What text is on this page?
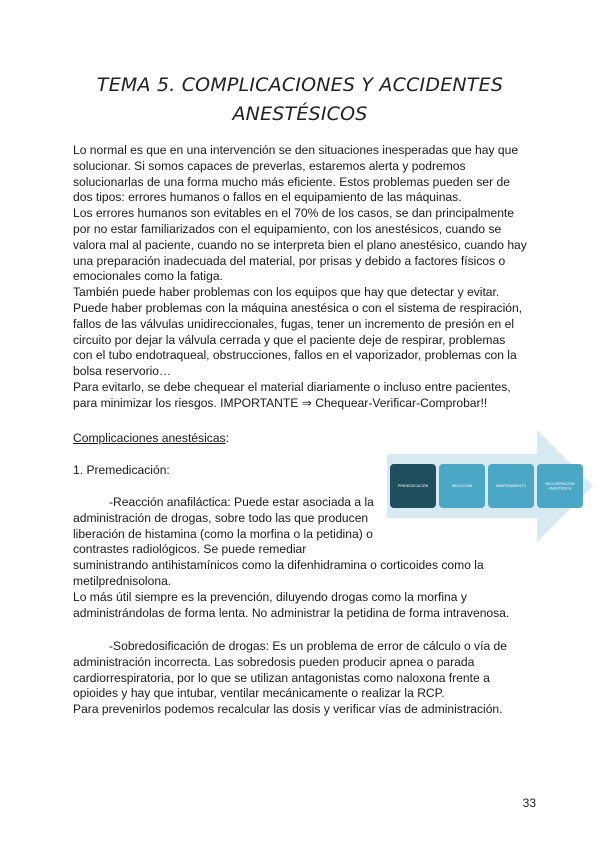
TEMA 5. COMPLICACIONES Y ACCIDENTES
ANESTÉSICOS
Lo normal es que en una intervención se den situaciones inesperadas que hay que
solucionar. Si somos capaces de preverlas, estaremos alerta y podremos
solucionarlas de una forma mucho más eficiente. Estos problemas pueden ser de
dos tipos: errores humanos o fallos en el equipamiento de las máquinas.
Los errores humanos son evitables en el 70% de los casos, se dan principalmente
por no estar familiarizados con el equipamiento, con los anestésicos, cuando se
valora mal al paciente, cuando no se interpreta bien el plano anestésico, cuando hay
una preparación inadecuada del material, por prisas y debido a factores físicos o
emocionales como la fatiga.
También puede haber problemas con los equipos que hay que detectar y evitar.
Puede haber problemas con la máquina anestésica o con el sistema de respiración,
fallos de las válvulas unidireccionales, fugas, tener un incremento de presión en el
circuito por dejar la válvula cerrada y que el paciente deje de respirar, problemas
con el tubo endotraqueal, obstrucciones, fallos en el vaporizador, problemas con la
bolsa reservorio…
Para evitarlo, se debe chequear el material diariamente o incluso entre pacientes,
para minimizar los riesgos. IMPORTANTE ⇒ Chequear-Verificar-Comprobar!!
Complicaciones anestésicas:
1. Premedicación:
-Reacción anafiláctica: Puede estar asociada a la
administración de drogas, sobre todo las que producen
liberación de histamina (como la morfina o la petidina) o
contrastes radiológicos. Se puede remediar
suministrando antihistamínicos como la difenhidramina o corticoides como la
metilprednisolona.
Lo más útil siempre es la prevención, diluyendo drogas como la morfina y
administrándolas de forma lenta. No administrar la petidina de forma intravenosa.
-Sobredosificación de drogas: Es un problema de error de cálculo o vía de
administración incorrecta. Las sobredosis pueden producir apnea o parada
cardiorrespiratoria, por lo que se utilizan antagonistas como naloxona frente a
opioides y hay que intubar, ventilar mecánicamente o realizar la RCP.
Para prevenirlos podemos recalcular las dosis y verificar vías de administración.
PREMEDICACIÓN	INDUCCIÓN	MANTENIMIENTO
RECUPERACIÓN ANESTÉSICA
33
